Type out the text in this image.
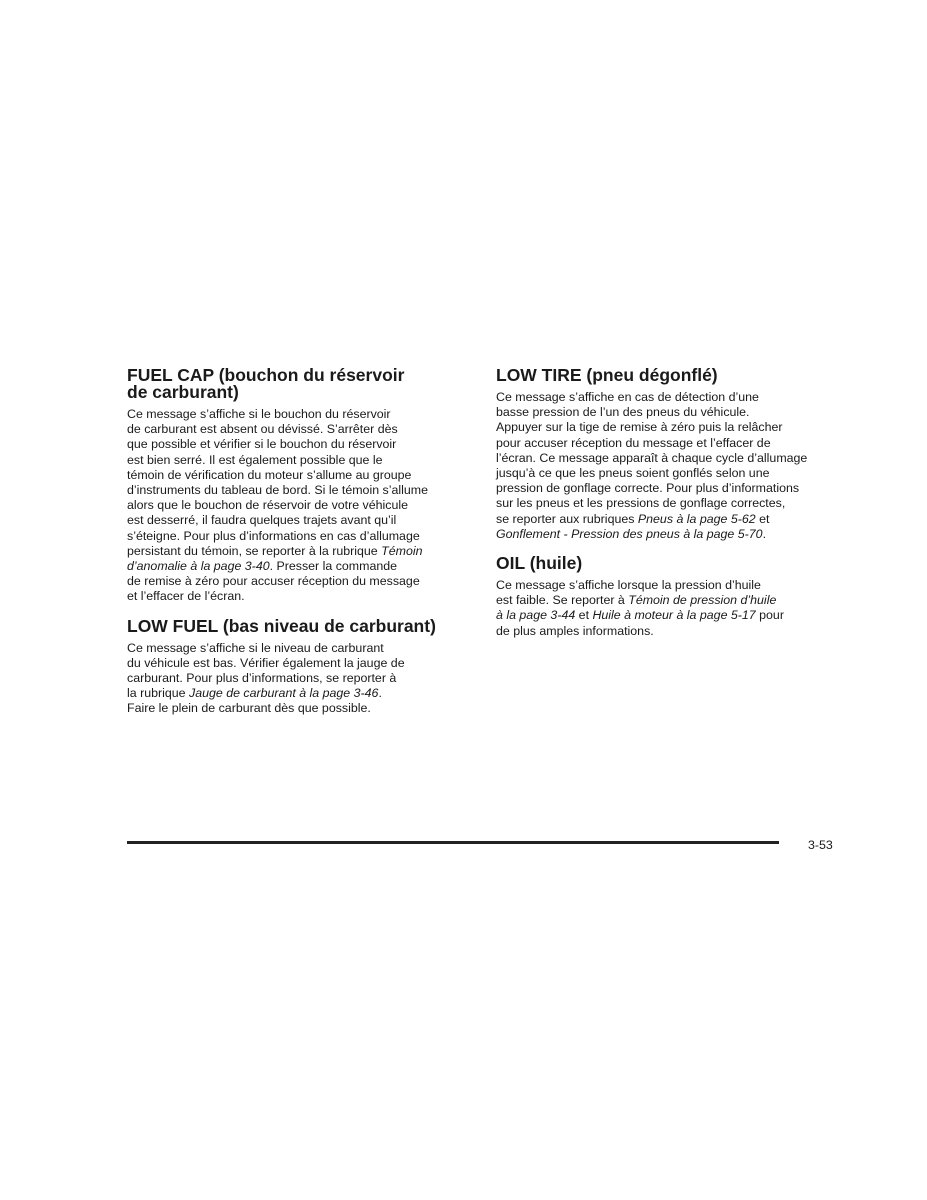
FUEL CAP (bouchon du réservoir
de carburant)

Ce message s’affiche si le bouchon du réservoir
de carburant est absent ou dévissé. S’arrêter dès
que possible et vérifier si le bouchon du réservoir
est bien serré. Il est également possible que le
témoin de vérification du moteur s’allume au groupe
d’instruments du tableau de bord. Si le témoin s’allume
alors que le bouchon de réservoir de votre véhicule
est desserré, il faudra quelques trajets avant qu’il
s’éteigne. Pour plus d’informations en cas d’allumage
persistant du témoin, se reporter à la rubrique Témoin
d’anomalie à la page 3-40. Presser la commande
de remise à zéro pour accuser réception du message
et l’effacer de l’écran.

LOW FUEL (bas niveau de carburant)

Ce message s’affiche si le niveau de carburant
du véhicule est bas. Vérifier également la jauge de
carburant. Pour plus d’informations, se reporter à
la rubrique Jauge de carburant à la page 3-46.
Faire le plein de carburant dès que possible.

LOW TIRE (pneu dégonflé)

Ce message s’affiche en cas de détection d’une
basse pression de l’un des pneus du véhicule.
Appuyer sur la tige de remise à zéro puis la relâcher
pour accuser réception du message et l’effacer de
l’écran. Ce message apparaît à chaque cycle d’allumage
jusqu’à ce que les pneus soient gonflés selon une
pression de gonflage correcte. Pour plus d’informations
sur les pneus et les pressions de gonflage correctes,
se reporter aux rubriques Pneus à la page 5-62 et
Gonflement - Pression des pneus à la page 5-70.

OIL (huile)

Ce message s’affiche lorsque la pression d’huile
est faible. Se reporter à Témoin de pression d’huile
à la page 3-44 et Huile à moteur à la page 5-17 pour
de plus amples informations.

3-53
